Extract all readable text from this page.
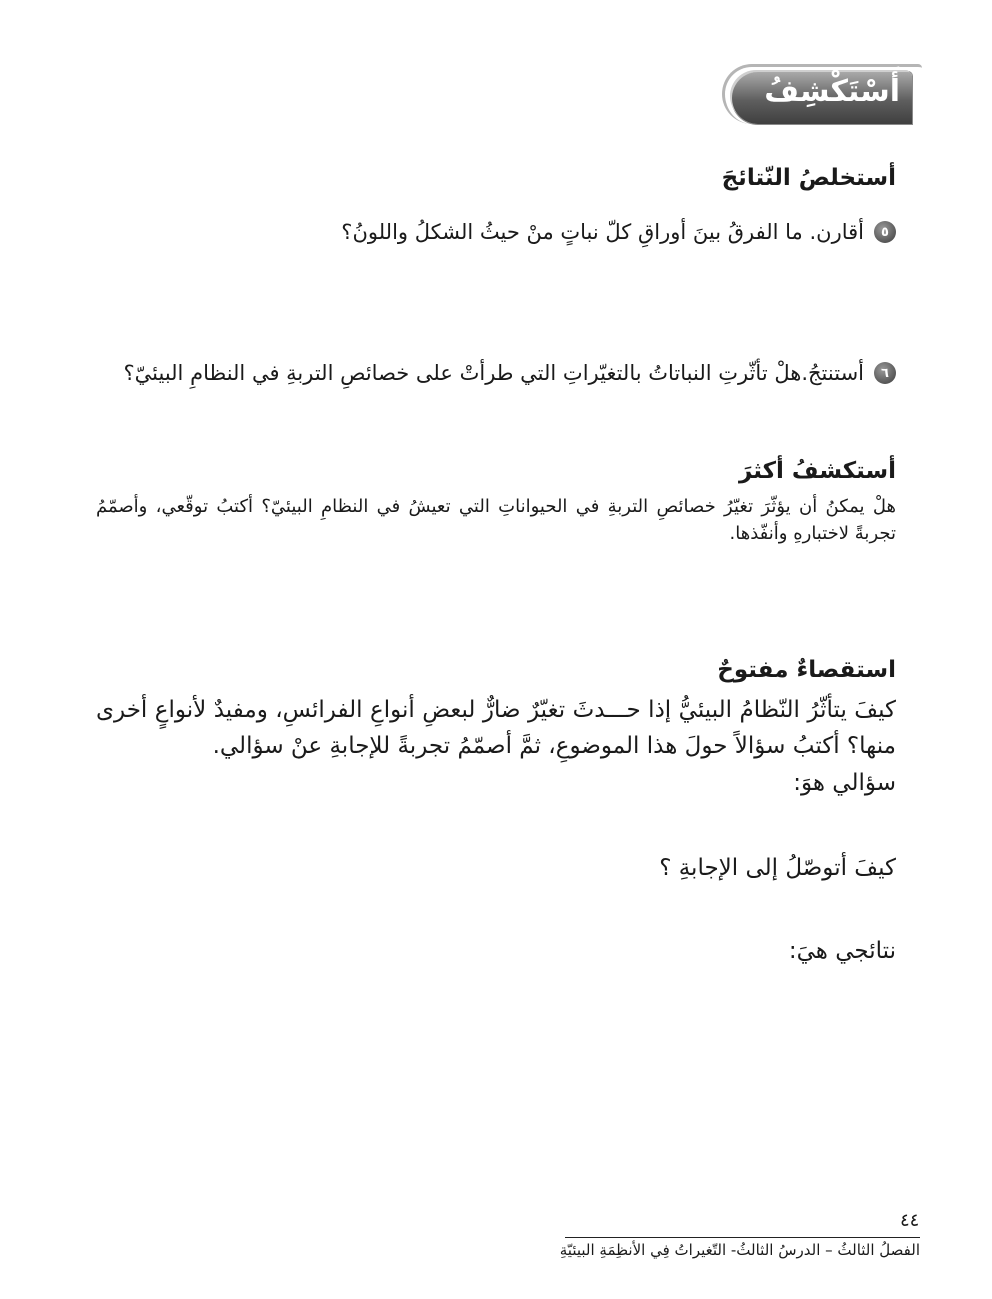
أَسْتَكْشِفُ
أستخلصُ النّتائجَ
٥
أقارن. ما الفرقُ بينَ أوراقِ كلّ نباتٍ منْ حيثُ الشكلُ واللونُ؟
٦
أستنتجُ.هلْ تأثّرتِ النباتاتُ بالتغيّراتِ التي طرأتْ على خصائصِ التربةِ في النظامِ البيئيّ؟
أستكشفُ أكثرَ
هلْ يمكنُ أن يؤثّرَ تغيّرُ خصائصِ التربةِ في الحيواناتِ التي تعيشُ في النظامِ البيئيّ؟ أكتبُ توقّعي، وأصمّمُ تجربةً لاختبارهِ وأنفّذها.
استقصاءٌ مفتوحٌ
كيفَ يتأثّرُ النّظامُ البيئيُّ إذا حـــدثَ تغيّرٌ ضارٌّ لبعضِ أنواعِ الفرائسِ، ومفيدٌ لأنواعٍ أخرى منها؟ أكتبُ سؤالاً حولَ هذا الموضوعِ، ثمَّ أصمّمُ تجربةً للإجابةِ عنْ سؤالي.
سؤالي هوَ:
كيفَ أتوصّلُ إلى الإجابةِ ؟
نتائجي هيَ:
٤٤
الفصلُ الثالثُ – الدرسُ الثالثُ- التّغيراتُ فِي الأنظِمَةِ البيئيّةِ
